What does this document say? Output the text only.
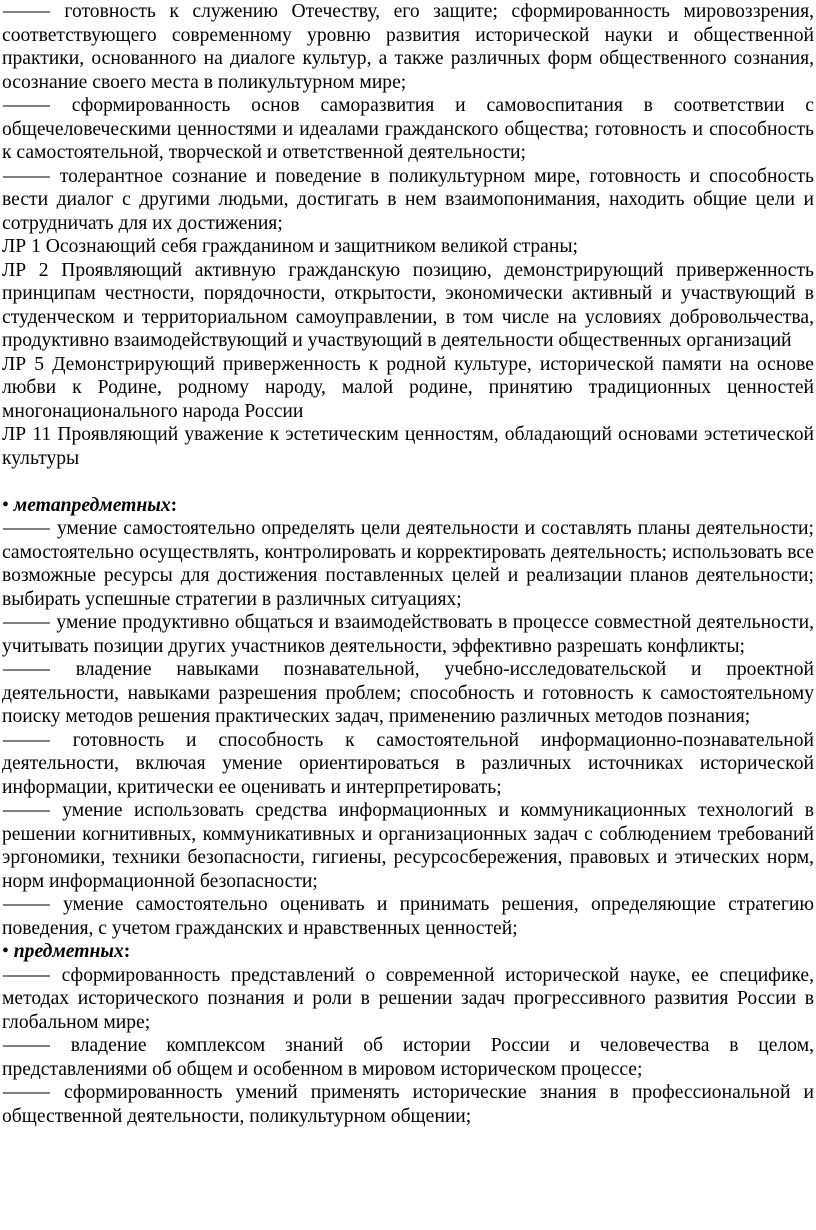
⸻ готовность к служению Отечеству, его защите; сформированность мировоззрения, соответствующего современному уровню развития исторической науки и общественной практики, основанного на диалоге культур, а также различных форм общественного сознания, осознание своего места в поликультурном мире;

⸻ сформированность основ саморазвития и самовоспитания в соответствии с общечеловеческими ценностями и идеалами гражданского общества; готовность и способность к самостоятельной, творческой и ответственной деятельности;

⸻ толерантное сознание и поведение в поликультурном мире, готовность и способность вести диалог с другими людьми, достигать в нем взаимопонимания, находить общие цели и сотрудничать для их достижения;

ЛР 1 Осознающий себя гражданином и защитником великой страны;

ЛР 2 Проявляющий активную гражданскую позицию, демонстрирующий приверженность принципам честности, порядочности, открытости, экономически активный и участвующий в студенческом и территориальном самоуправлении, в том числе на условиях добровольчества, продуктивно взаимодействующий и участвующий в деятельности общественных организаций

ЛР 5 Демонстрирующий приверженность к родной культуре, исторической памяти на основе любви к Родине, родному народу, малой родине, принятию традиционных ценностей многонационального народа России

ЛР 11 Проявляющий уважение к эстетическим ценностям, обладающий основами эстетической культуры

• метапредметных:

⸻ умение самостоятельно определять цели деятельности и составлять планы деятельности; самостоятельно осуществлять, контролировать и корректировать деятельность; использовать все возможные ресурсы для достижения поставленных целей и реализации планов деятельности; выбирать успешные стратегии в различных ситуациях;

⸻ умение продуктивно общаться и взаимодействовать в процессе совместной деятельности, учитывать позиции других участников деятельности, эффективно разрешать конфликты;

⸻ владение навыками познавательной, учебно-исследовательской и проектной деятельности, навыками разрешения проблем; способность и готовность к самостоятельному поиску методов решения практических задач, применению различных методов познания;

⸻ готовность и способность к самостоятельной информационно-познавательной деятельности, включая умение ориентироваться в различных источниках исторической информации, критически ее оценивать и интерпретировать;

⸻ умение использовать средства информационных и коммуникационных технологий в решении когнитивных, коммуникативных и организационных задач с соблюдением требований эргономики, техники безопасности, гигиены, ресурсосбережения, правовых и этических норм, норм информационной безопасности;

⸻ умение самостоятельно оценивать и принимать решения, определяющие стратегию поведения, с учетом гражданских и нравственных ценностей;

• предметных:

⸻ сформированность представлений о современной исторической науке, ее специфике, методах исторического познания и роли в решении задач прогрессивного развития России в глобальном мире;

⸻ владение комплексом знаний об истории России и человечества в целом, представлениями об общем и особенном в мировом историческом процессе;

⸻ сформированность умений применять исторические знания в профессиональной и общественной деятельности, поликультурном общении;
